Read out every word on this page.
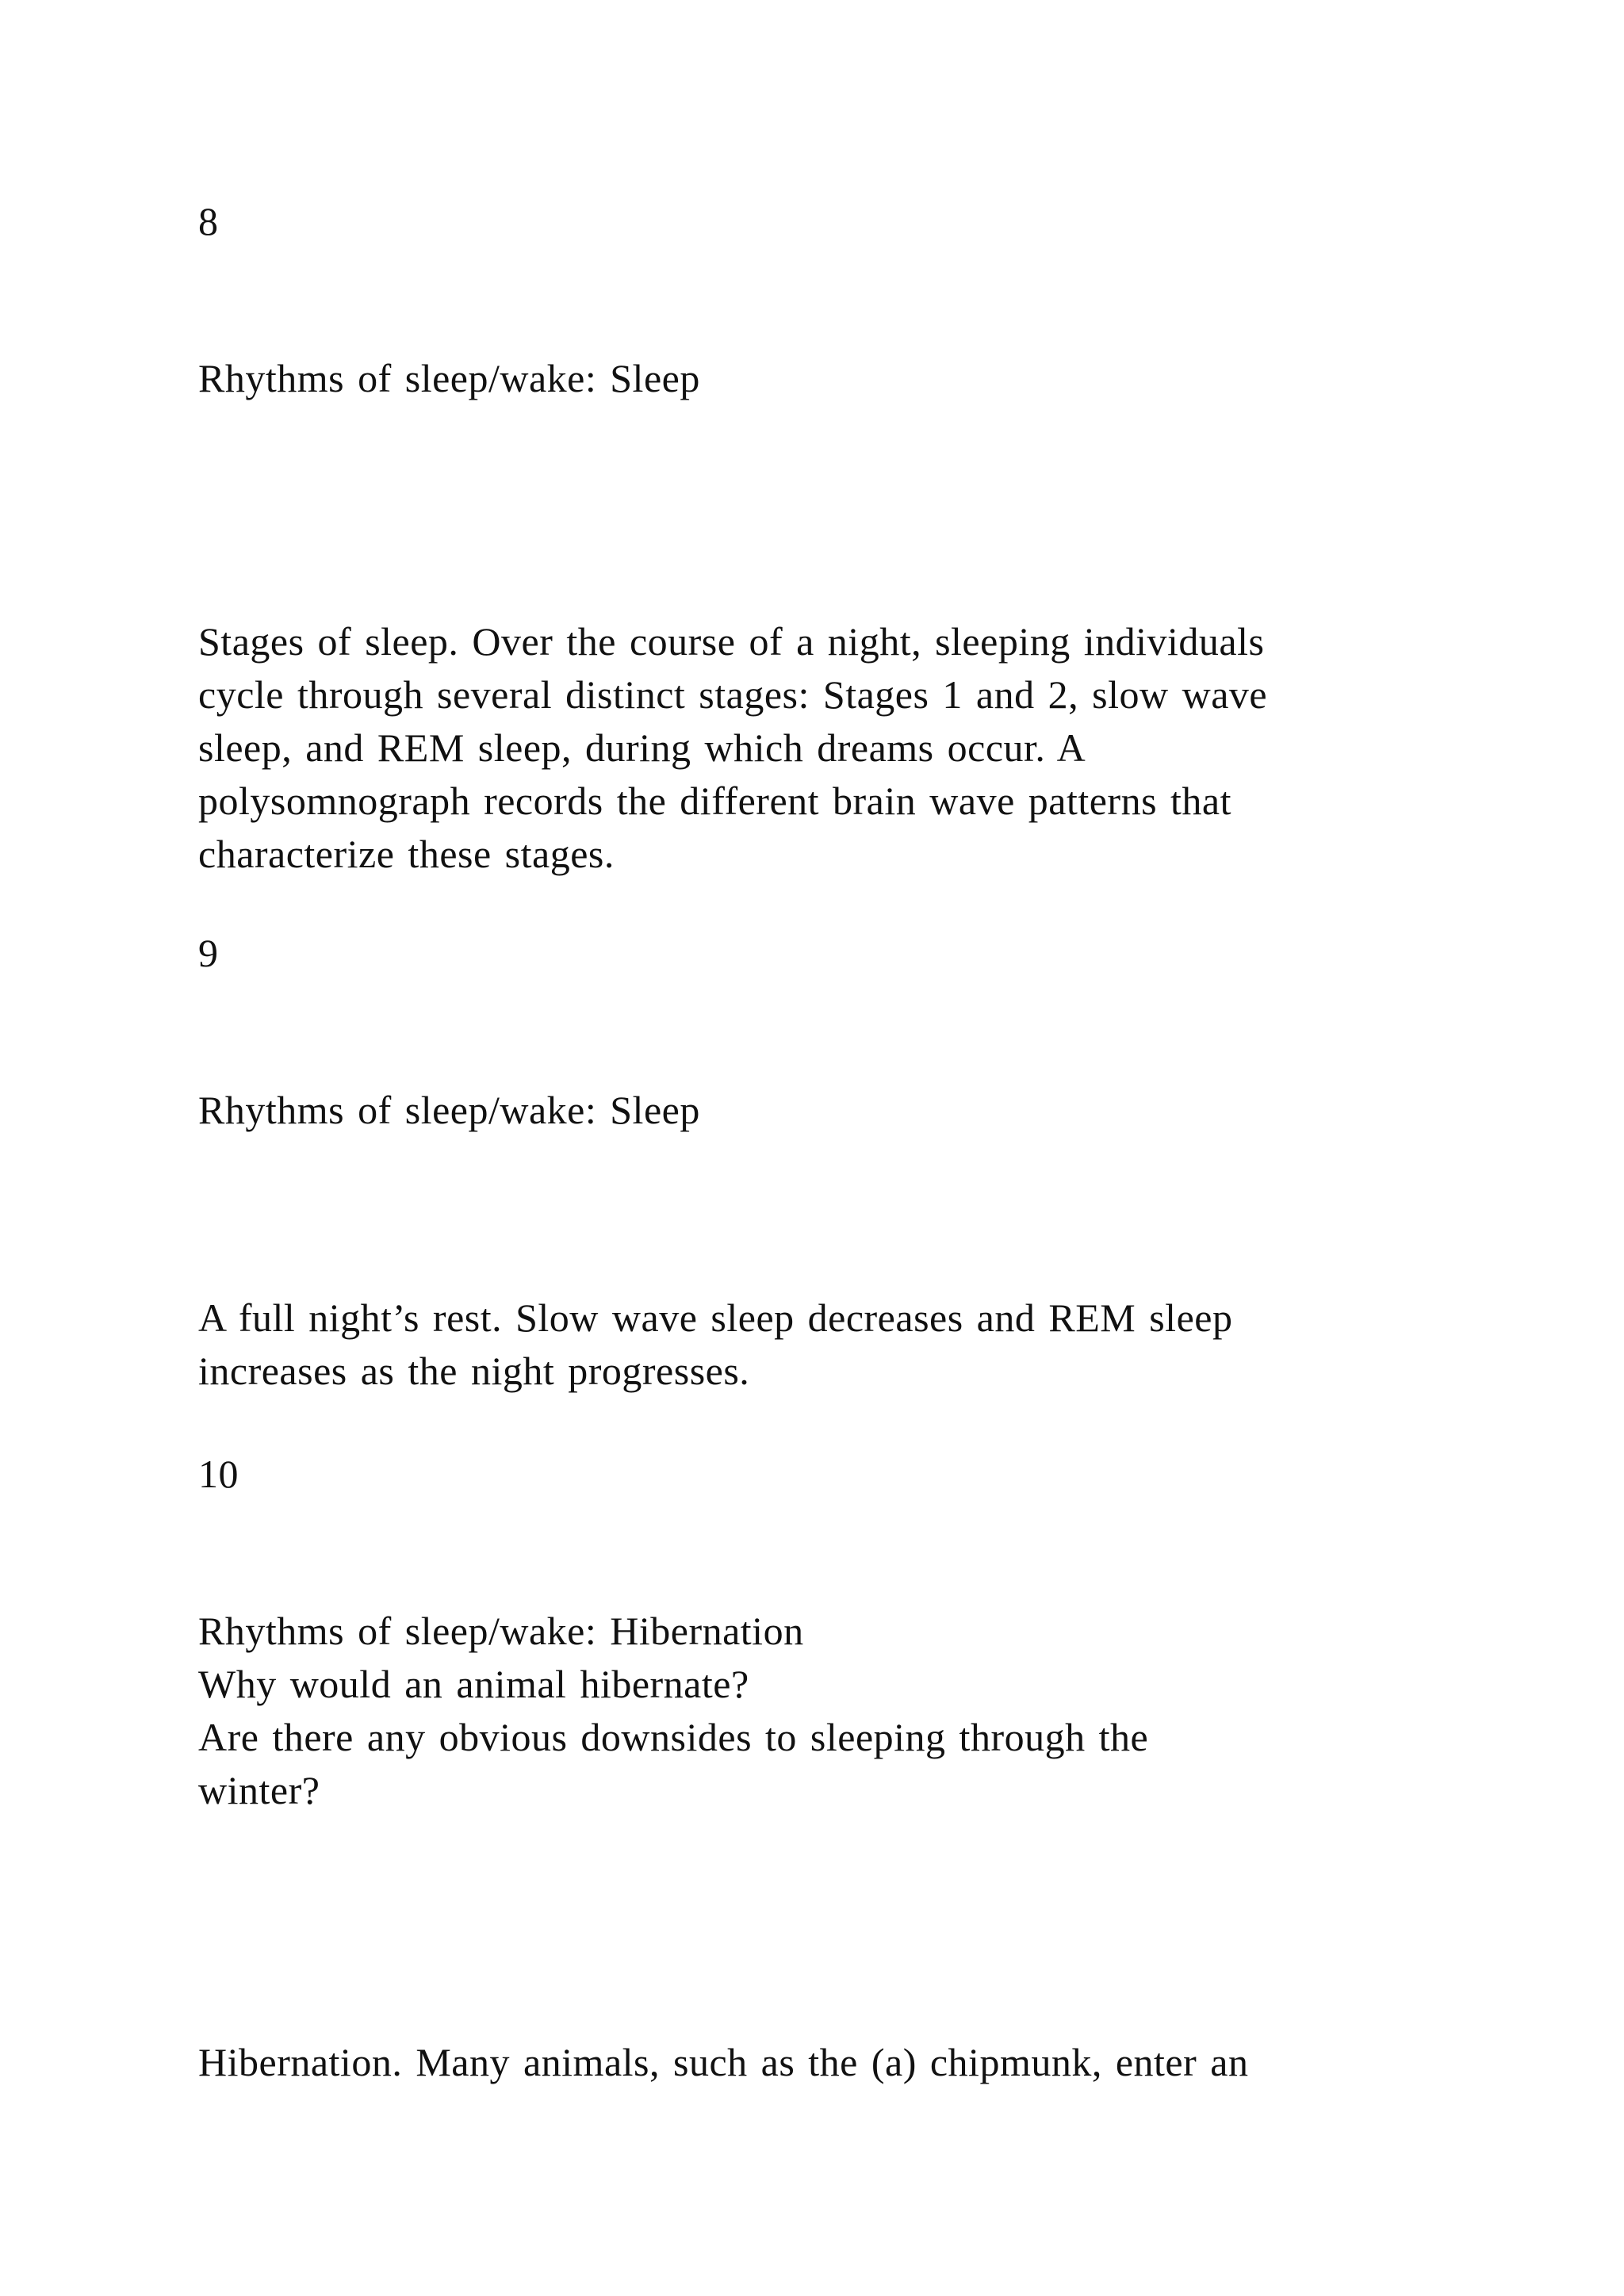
8

Rhythms of sleep/wake: Sleep

Stages of sleep. Over the course of a night, sleeping individuals

cycle through several distinct stages: Stages 1 and 2, slow wave

sleep, and REM sleep, during which dreams occur. A

polysomnograph records the different brain wave patterns that

characterize these stages.

9

Rhythms of sleep/wake: Sleep

A full night’s rest. Slow wave sleep decreases and REM sleep

increases as the night progresses.

10

Rhythms of sleep/wake: Hibernation

Why would an animal hibernate?

Are there any obvious downsides to sleeping through the

winter?

Hibernation. Many animals, such as the (a) chipmunk, enter an
